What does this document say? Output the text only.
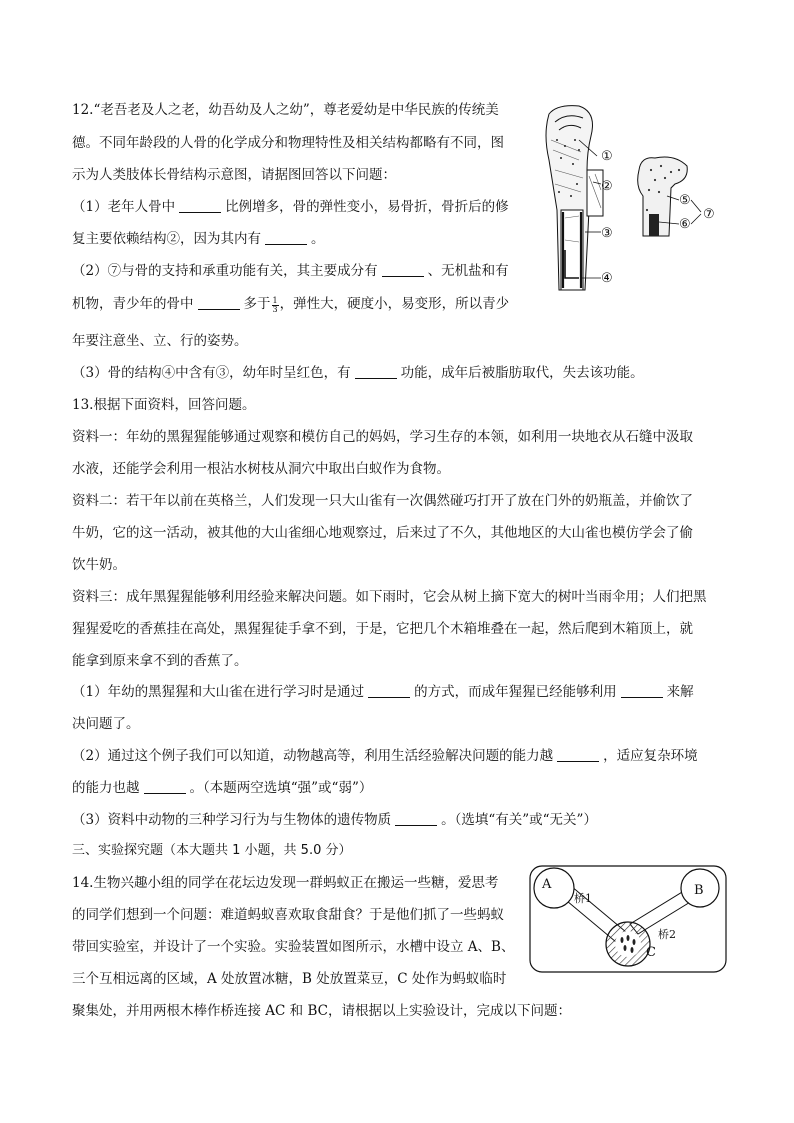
12.“老吾老及人之老，幼吾幼及人之幼”，尊老爱幼是中华民族的传统美
德。不同年龄段的人骨的化学成分和物理特性及相关结构都略有不同，图
示为人类肢体长骨结构示意图，请据图回答以下问题：
（1）老年人骨中	比例增多，骨的弹性变小，易骨折，骨折后的修
复主要依赖结构②，因为其内有	。
（2）⑦与骨的支持和承重功能有关，其主要成分有	、无机盐和有
机物，青少年的骨中	多于 $\frac{1}{3}$ ，弹性大，硬度小，易变形，所以青少
年要注意坐、立、行的姿势。
（3）骨的结构④中含有③，幼年时呈红色，有	功能，成年后被脂肪取代，失去该功能。
①
②
③
④
⑤
⑥
⑦
13.根据下面资料，回答问题。
资料一：年幼的黑猩猩能够通过观察和模仿自己的妈妈，学习生存的本领，如利用一块地衣从石缝中汲取
水液，还能学会利用一根沾水树枝从洞穴中取出白蚁作为食物。
资料二：若干年以前在英格兰，人们发现一只大山雀有一次偶然碰巧打开了放在门外的奶瓶盖，并偷饮了
牛奶，它的这一活动，被其他的大山雀细心地观察过，后来过了不久，其他地区的大山雀也模仿学会了偷
饮牛奶。
资料三：成年黑猩猩能够利用经验来解决问题。如下雨时，它会从树上摘下宽大的树叶当雨伞用；人们把黑
猩猩爱吃的香蕉挂在高处，黑猩猩徒手拿不到，于是，它把几个木箱堆叠在一起，然后爬到木箱顶上，就
能拿到原来拿不到的香蕉了。
（1）年幼的黑猩猩和大山雀在进行学习时是通过	的方式，而成年猩猩已经能够利用	来解
决问题了。
（2）通过这个例子我们可以知道，动物越高等，利用生活经验解决问题的能力越	，适应复杂环境
的能力也越	。（本题两空选填“强”或“弱”）
（3）资料中动物的三种学习行为与生物体的遗传物质	。（选填“有关”或“无关”）
三、实验探究题（本大题共 1 小题，共 5.0 分）
14.生物兴趣小组的同学在花坛边发现一群蚂蚁正在搬运一些糖，爱思考
的同学们想到一个问题：难道蚂蚁喜欢取食甜食？于是他们抓了一些蚂蚁
带回实验室，并设计了一个实验。实验装置如图所示，水槽中设立 A、B、
三个互相远离的区域，A 处放置冰糖，B 处放置菜豆，C 处作为蚂蚁临时
聚集处，并用两根木棒作桥连接 AC 和 BC，请根据以上实验设计，完成以下问题：
A	B
C
桥1
桥2
